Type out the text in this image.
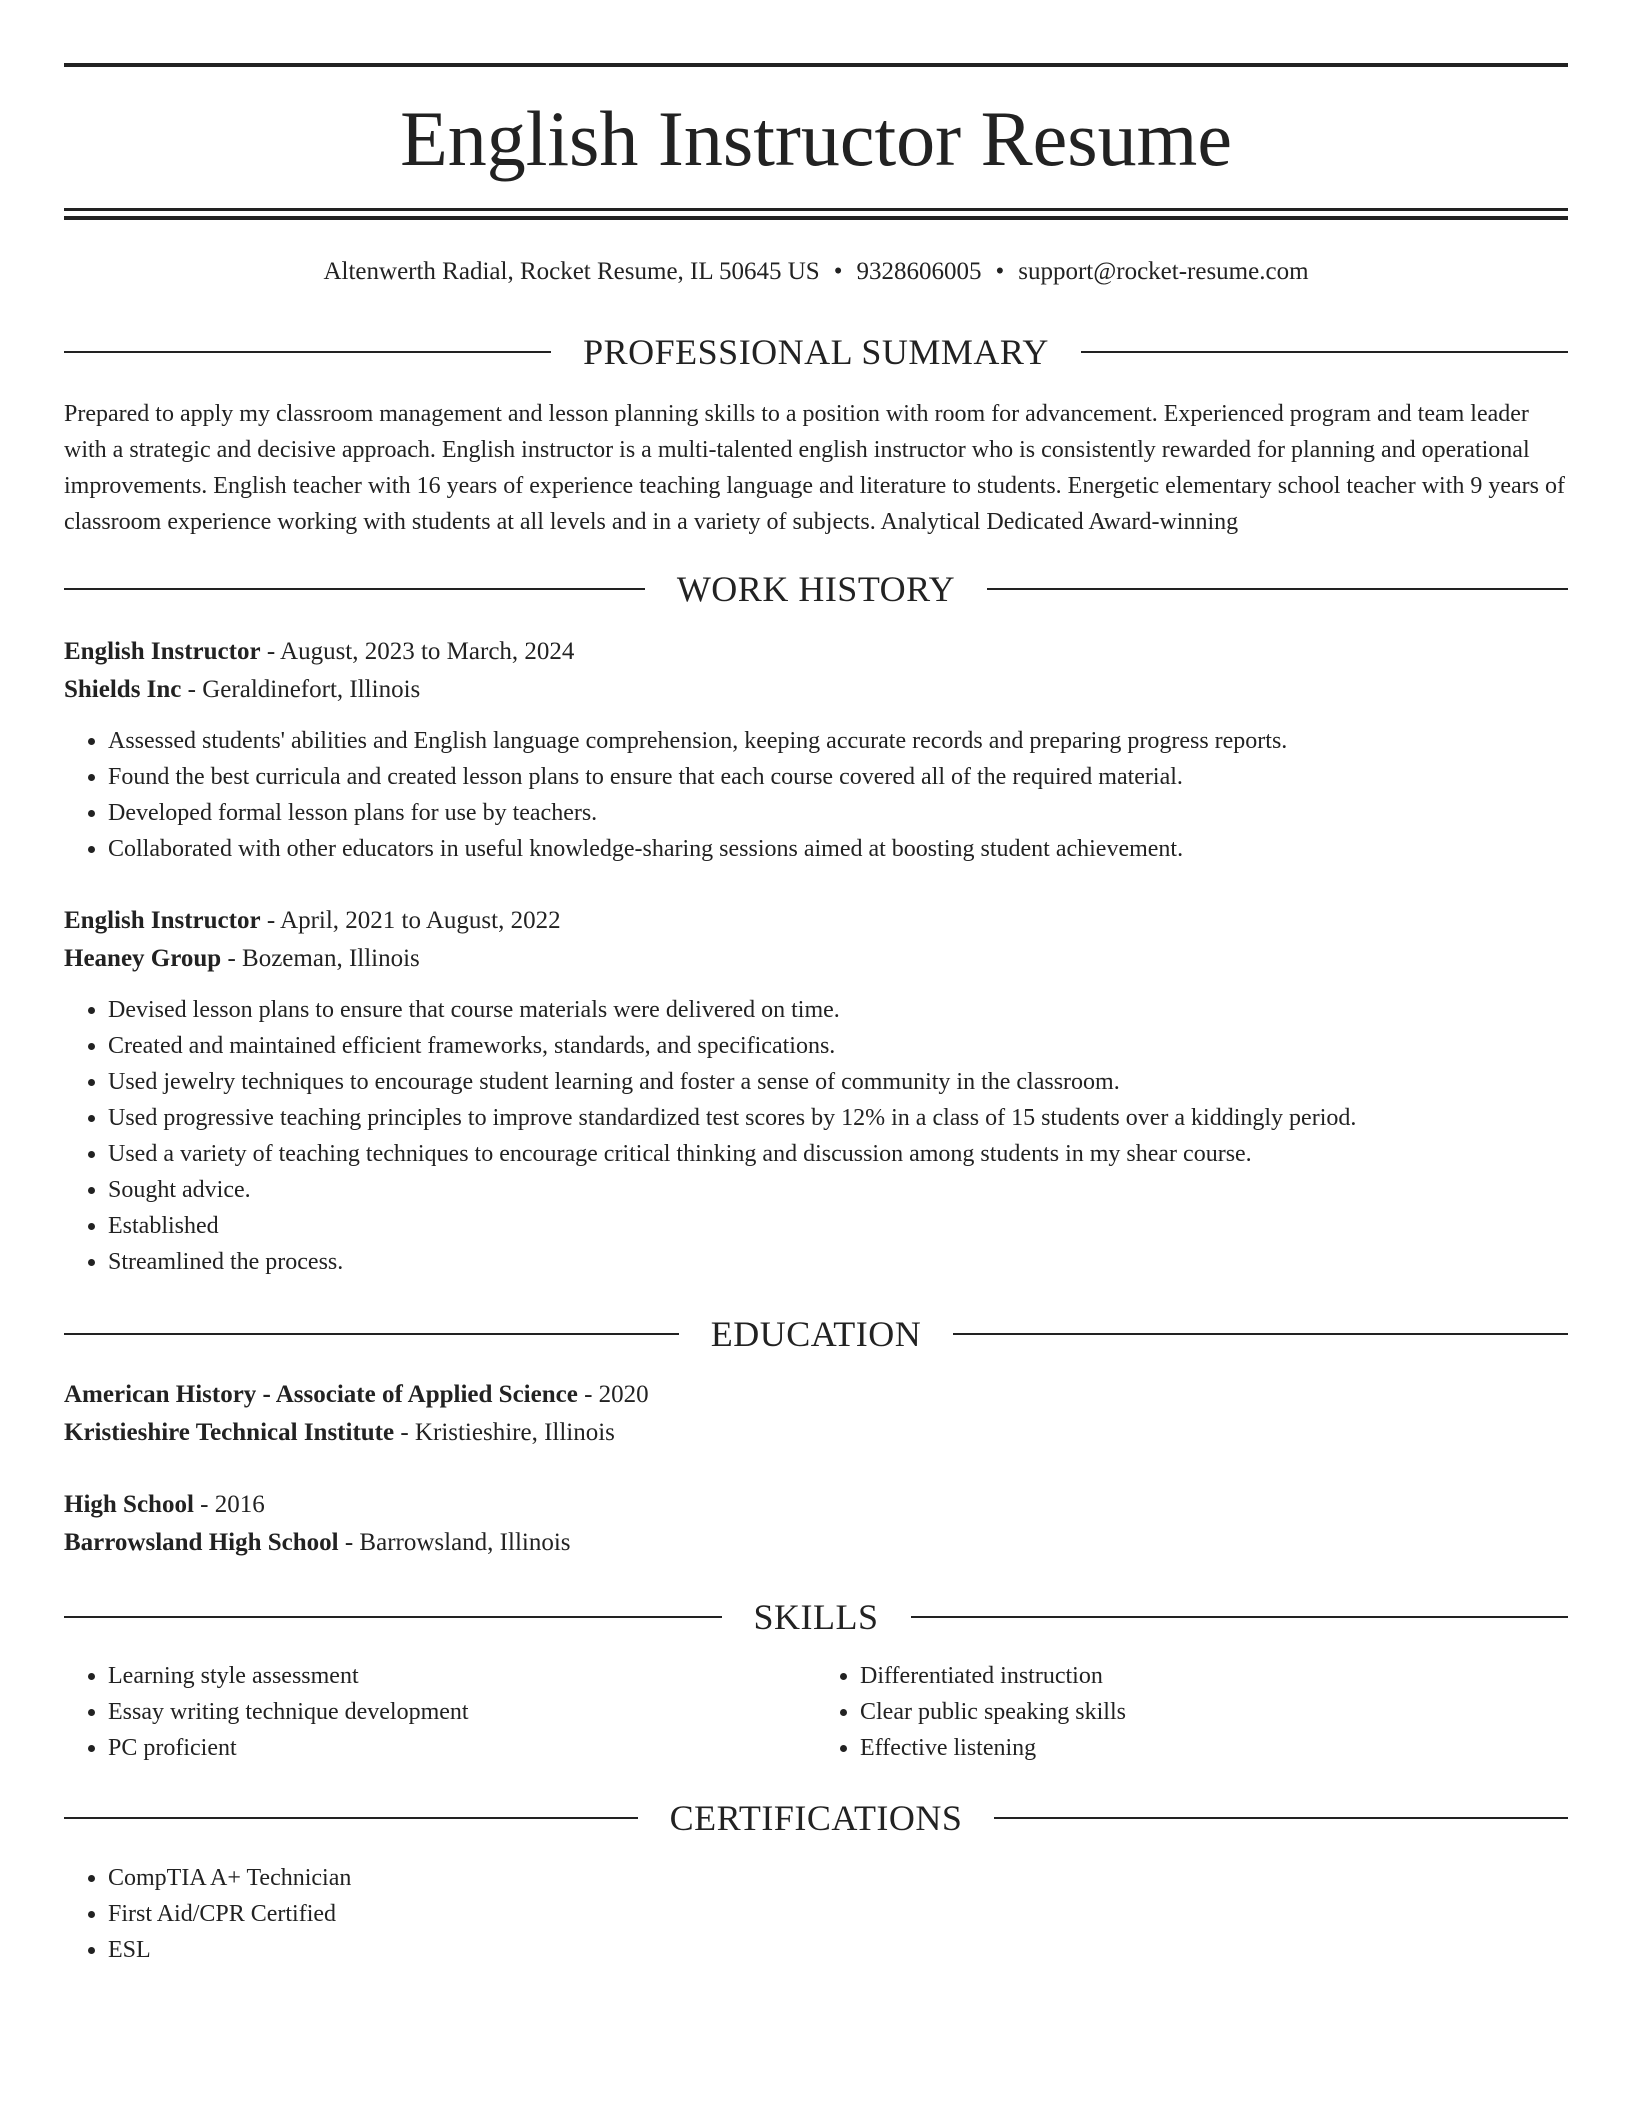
English Instructor Resume
Altenwerth Radial, Rocket Resume, IL 50645 US • 9328606005 • support@rocket-resume.com
PROFESSIONAL SUMMARY

Prepared to apply my classroom management and lesson planning skills to a position with room for advancement. Experienced program and team leader with a strategic and decisive approach. English instructor is a multi-talented english instructor who is consistently rewarded for planning and operational improvements. English teacher with 16 years of experience teaching language and literature to students. Energetic elementary school teacher with 9 years of classroom experience working with students at all levels and in a variety of subjects. Analytical Dedicated Award-winning

WORK HISTORY

English Instructor - August, 2023 to March, 2024

Shields Inc - Geraldinefort, Illinois

• Assessed students' abilities and English language comprehension, keeping accurate records and preparing progress reports.
• Found the best curricula and created lesson plans to ensure that each course covered all of the required material.
• Developed formal lesson plans for use by teachers.
• Collaborated with other educators in useful knowledge-sharing sessions aimed at boosting student achievement.

English Instructor - April, 2021 to August, 2022

Heaney Group - Bozeman, Illinois

• Devised lesson plans to ensure that course materials were delivered on time.
• Created and maintained efficient frameworks, standards, and specifications.
• Used jewelry techniques to encourage student learning and foster a sense of community in the classroom.
• Used progressive teaching principles to improve standardized test scores by 12% in a class of 15 students over a kiddingly period.
• Used a variety of teaching techniques to encourage critical thinking and discussion among students in my shear course.
• Sought advice.
• Established
• Streamlined the process.
EDUCATION

American History - Associate of Applied Science - 2020

Kristieshire Technical Institute - Kristieshire, Illinois

High School - 2016

Barrowsland High School - Barrowsland, Illinois

SKILLS
• Learning style assessment
• Essay writing technique development
• PC proficient
• Differentiated instruction
• Clear public speaking skills
• Effective listening
CERTIFICATIONS
• CompTIA A+ Technician
• First Aid/CPR Certified
• ESL
